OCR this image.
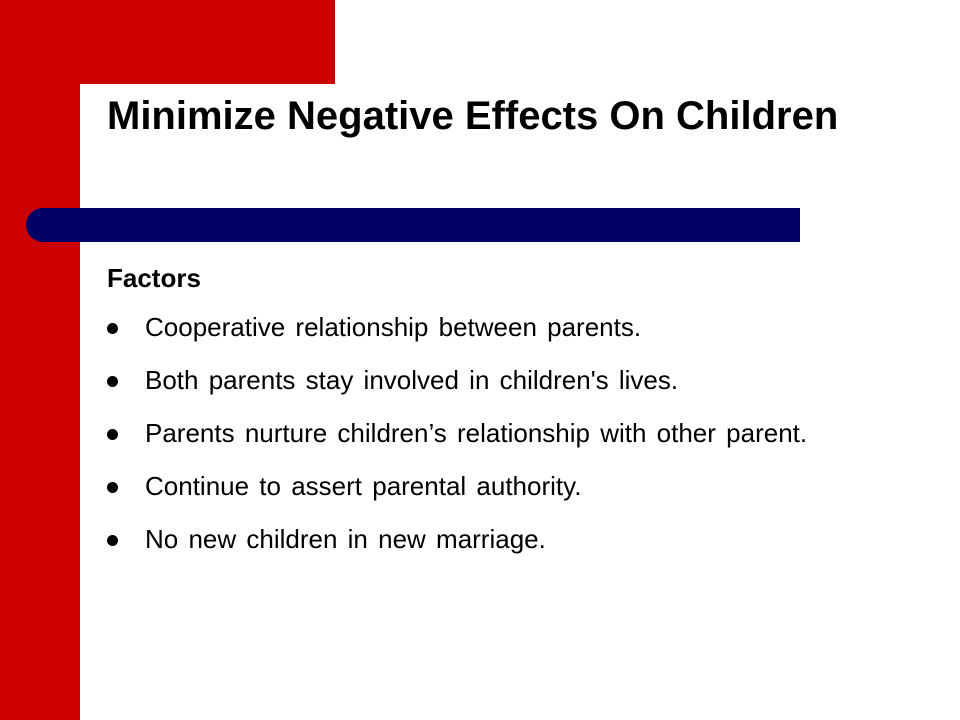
Minimize Negative Effects On Children

Factors

Cooperative relationship between parents.
Both parents stay involved in children's lives.
Parents nurture children’s relationship with other parent.
Continue to assert parental authority.
No new children in new marriage.
